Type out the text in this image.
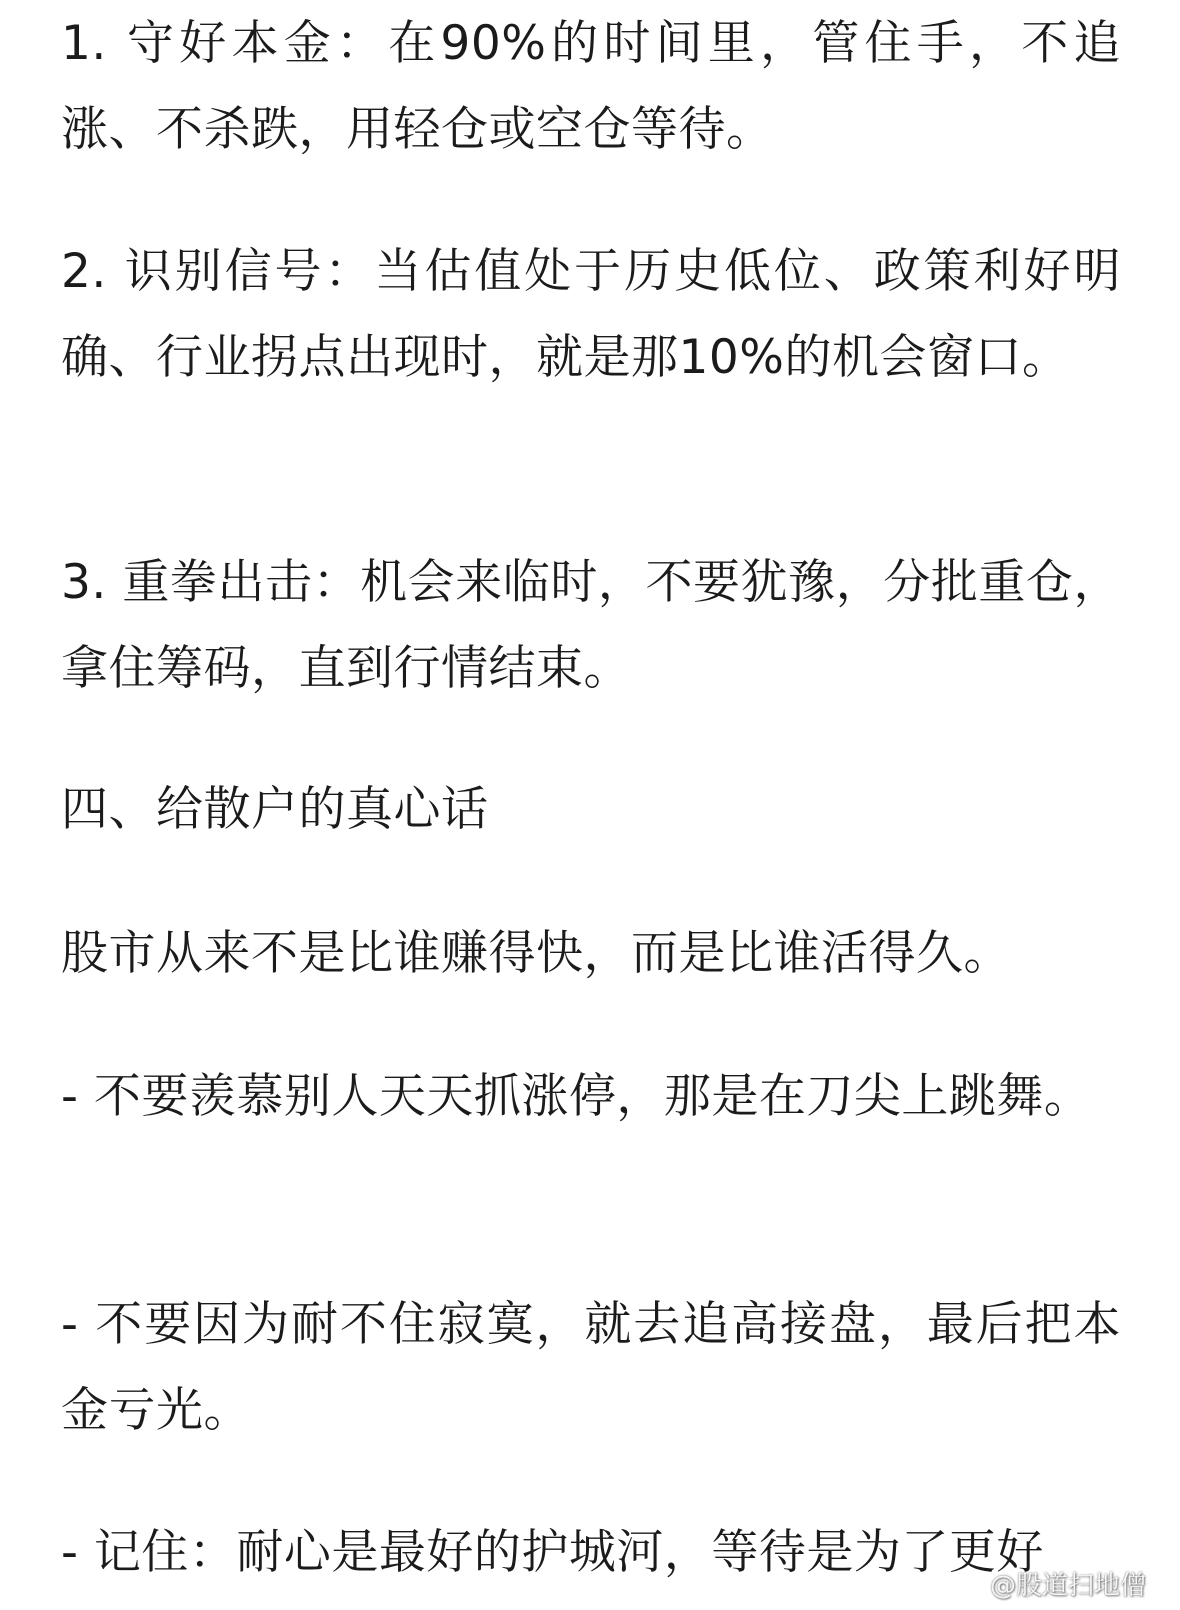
1. 守好本金：在90%的时间里，管住手，不追涨、不杀跌，用轻仓或空仓等待。

2. 识别信号：当估值处于历史低位、政策利好明确、行业拐点出现时，就是那10%的机会窗口。

3. 重拳出击：机会来临时，不要犹豫，分批重仓，拿住筹码，直到行情结束。

四、给散户的真心话

股市从来不是比谁赚得快，而是比谁活得久。

- 不要羡慕别人天天抓涨停，那是在刀尖上跳舞。

- 不要因为耐不住寂寞，就去追高接盘，最后把本金亏光。

- 记住：耐心是最好的护城河，等待是为了更好

@股道扫地僧
